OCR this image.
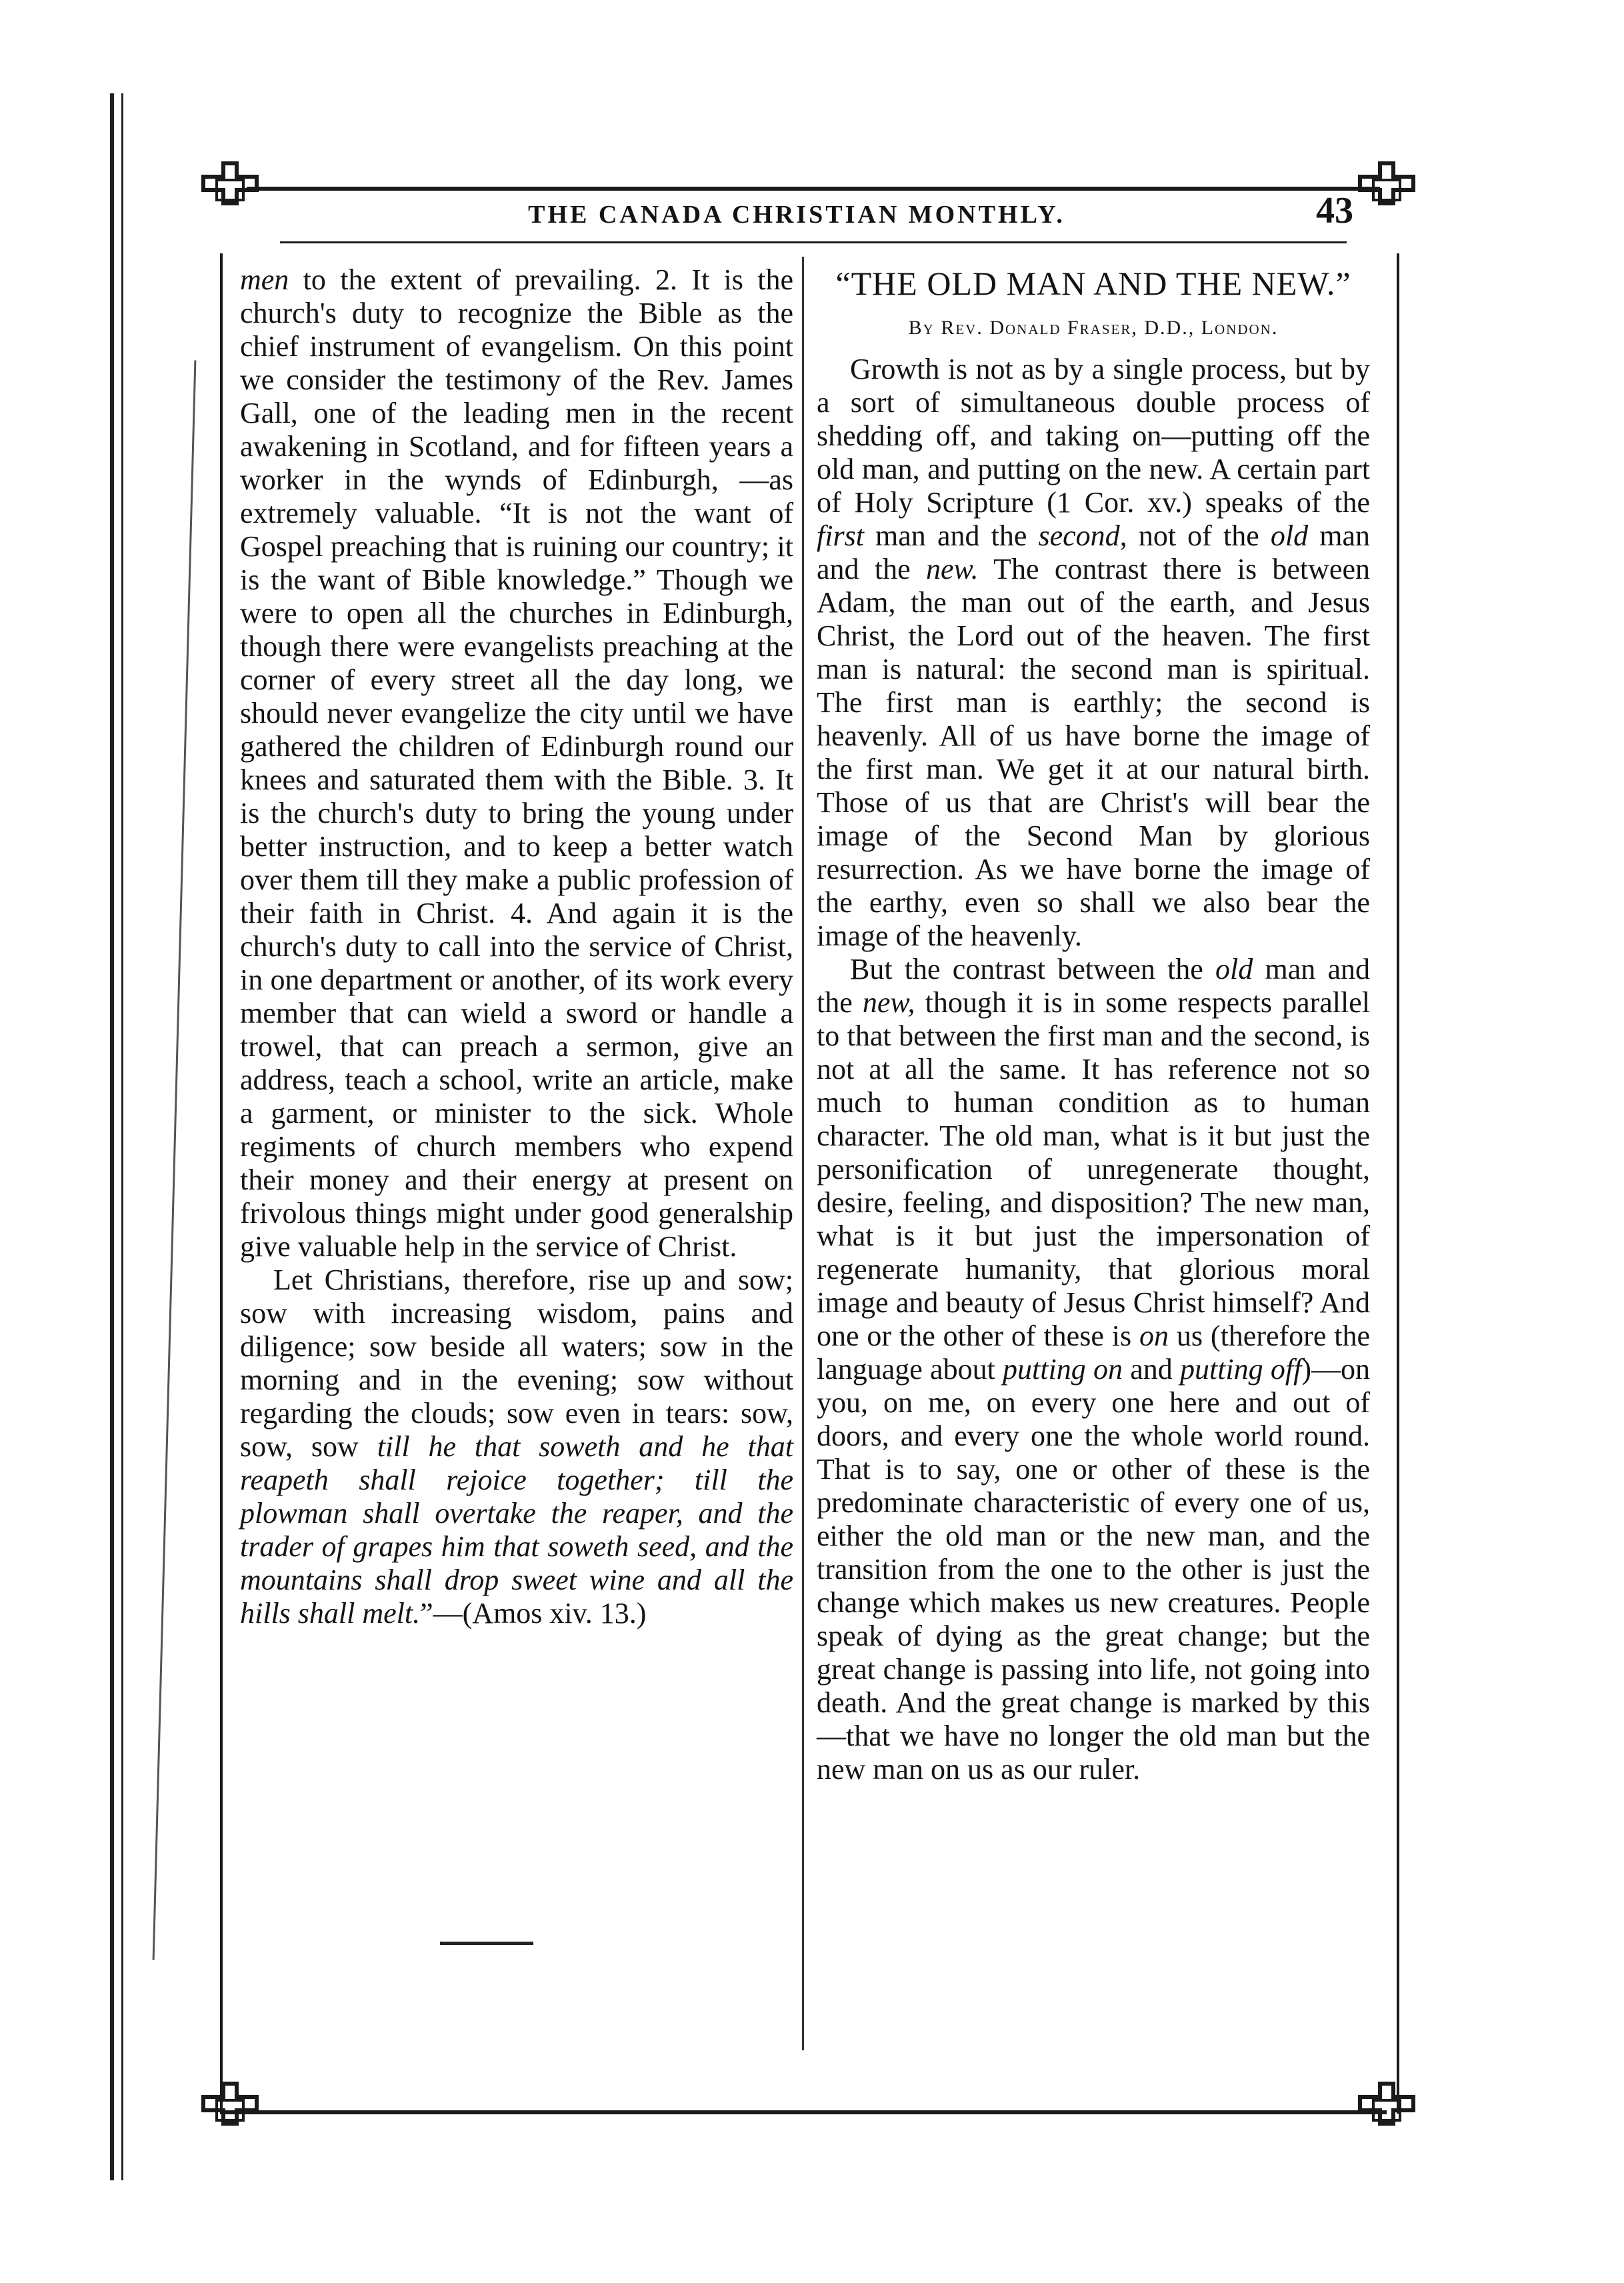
THE CANADA CHRISTIAN MONTHLY.	43

men to the extent of prevailing. 2. It is the church's duty to recognize the Bible as the chief instrument of evangelism. On this point we consider the testimony of the Rev. James Gall, one of the leading men in the recent awakening in Scotland, and for fifteen years a worker in the wynds of Edinburgh, —as extremely valuable. “It is not the want of Gospel preaching that is ruining our country; it is the want of Bible knowledge.” Though we were to open all the churches in Edinburgh, though there were evangelists preaching at the corner of every street all the day long, we should never evangelize the city until we have gathered the children of Edinburgh round our knees and saturated them with the Bible. 3. It is the church's duty to bring the young under better instruction, and to keep a better watch over them till they make a public profession of their faith in Christ. 4. And again it is the church's duty to call into the service of Christ, in one department or another, of its work every member that can wield a sword or handle a trowel, that can preach a sermon, give an address, teach a school, write an article, make a garment, or minister to the sick. Whole regiments of church members who expend their money and their energy at present on frivolous things might under good generalship give valuable help in the service of Christ.

Let Christians, therefore, rise up and sow; sow with increasing wisdom, pains and diligence; sow beside all waters; sow in the morning and in the evening; sow without regarding the clouds; sow even in tears: sow, sow, sow till he that soweth and he that reapeth shall rejoice together; till the plowman shall overtake the reaper, and the trader of grapes him that soweth seed, and the mountains shall drop sweet wine and all the hills shall melt.”—(Amos xiv. 13.)

“THE OLD MAN AND THE NEW.”
By Rev. Donald Fraser, D.D., London.

Growth is not as by a single process, but by a sort of simultaneous double process of shedding off, and taking on—putting off the old man, and putting on the new. A certain part of Holy Scripture (1 Cor. xv.) speaks of the first man and the second, not of the old man and the new. The contrast there is between Adam, the man out of the earth, and Jesus Christ, the Lord out of the heaven. The first man is natural: the second man is spiritual. The first man is earthly; the second is heavenly. All of us have borne the image of the first man. We get it at our natural birth. Those of us that are Christ's will bear the image of the Second Man by glorious resurrection. As we have borne the image of the earthy, even so shall we also bear the image of the heavenly.

But the contrast between the old man and the new, though it is in some respects parallel to that between the first man and the second, is not at all the same. It has reference not so much to human condition as to human character. The old man, what is it but just the personification of unregenerate thought, desire, feeling, and disposition? The new man, what is it but just the impersonation of regenerate humanity, that glorious moral image and beauty of Jesus Christ himself? And one or the other of these is on us (therefore the language about putting on and putting off)—on you, on me, on every one here and out of doors, and every one the whole world round. That is to say, one or other of these is the predominate characteristic of every one of us, either the old man or the new man, and the transition from the one to the other is just the change which makes us new creatures. People speak of dying as the great change; but the great change is passing into life, not going into death. And the great change is marked by this —that we have no longer the old man but the new man on us as our ruler.
